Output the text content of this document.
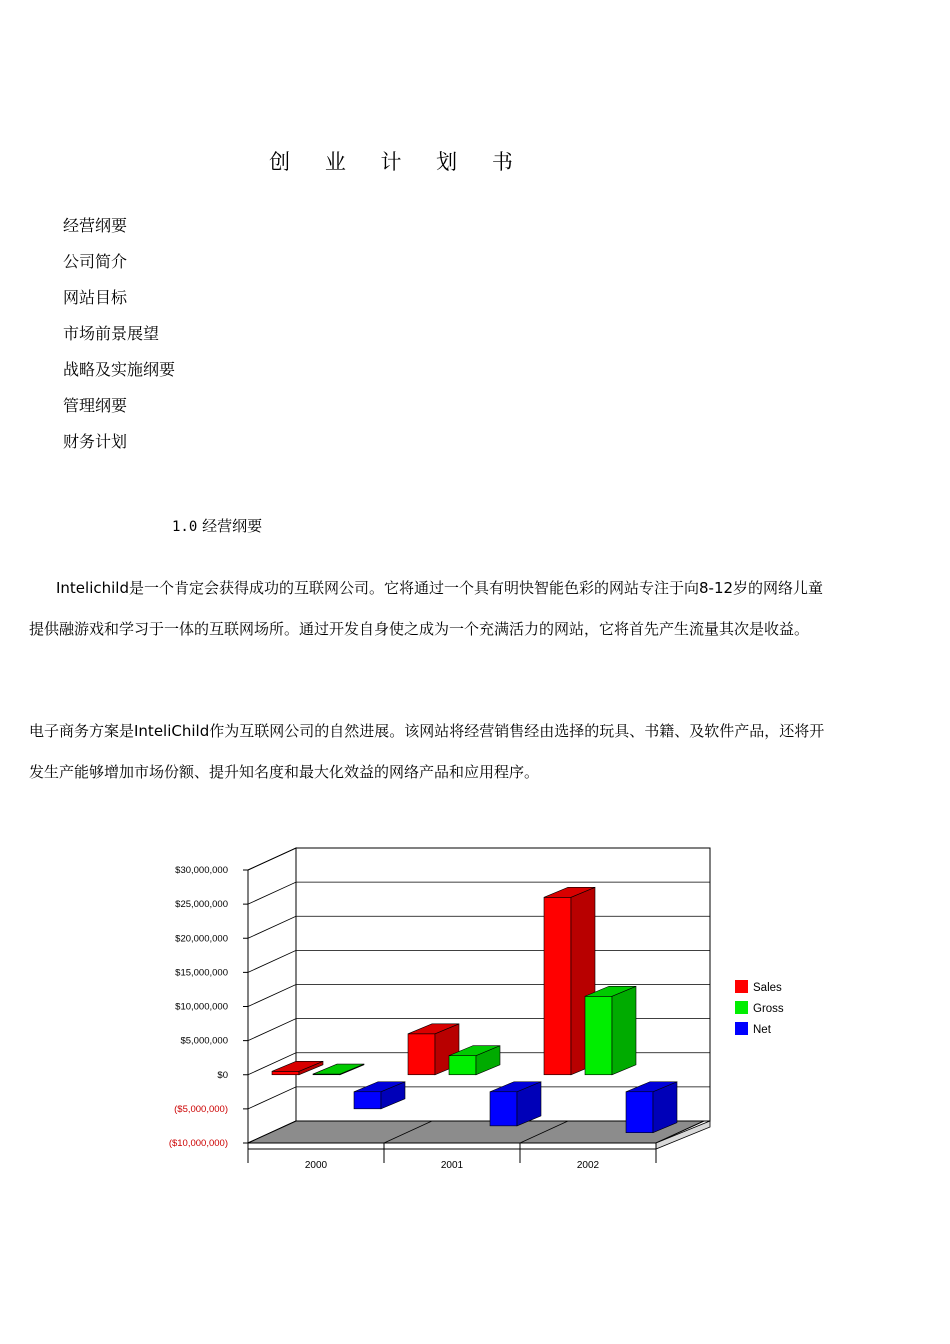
创 业 计 划 书
经营纲要
公司简介
网站目标
市场前景展望
战略及实施纲要
管理纲要
财务计划
1.0 经营纲要

Intelichild是一个肯定会获得成功的互联网公司。它将通过一个具有明快智能色彩的网站专注于向8-12岁的网络儿童提供融游戏和学习于一体的互联网场所。通过开发自身使之成为一个充满活力的网站，它将首先产生流量其次是收益。

电子商务方案是InteliChild作为互联网公司的自然进展。该网站将经营销售经由选择的玩具、书籍、及软件产品，还将开发生产能够增加市场份额、提升知名度和最大化效益的网络产品和应用程序。

$30,000,000
$25,000,000
$20,000,000
$15,000,000
$10,000,000
$5,000,000
$0
($5,000,000)
($10,000,000)
2000	2001	2002
Sales
Gross
Net
